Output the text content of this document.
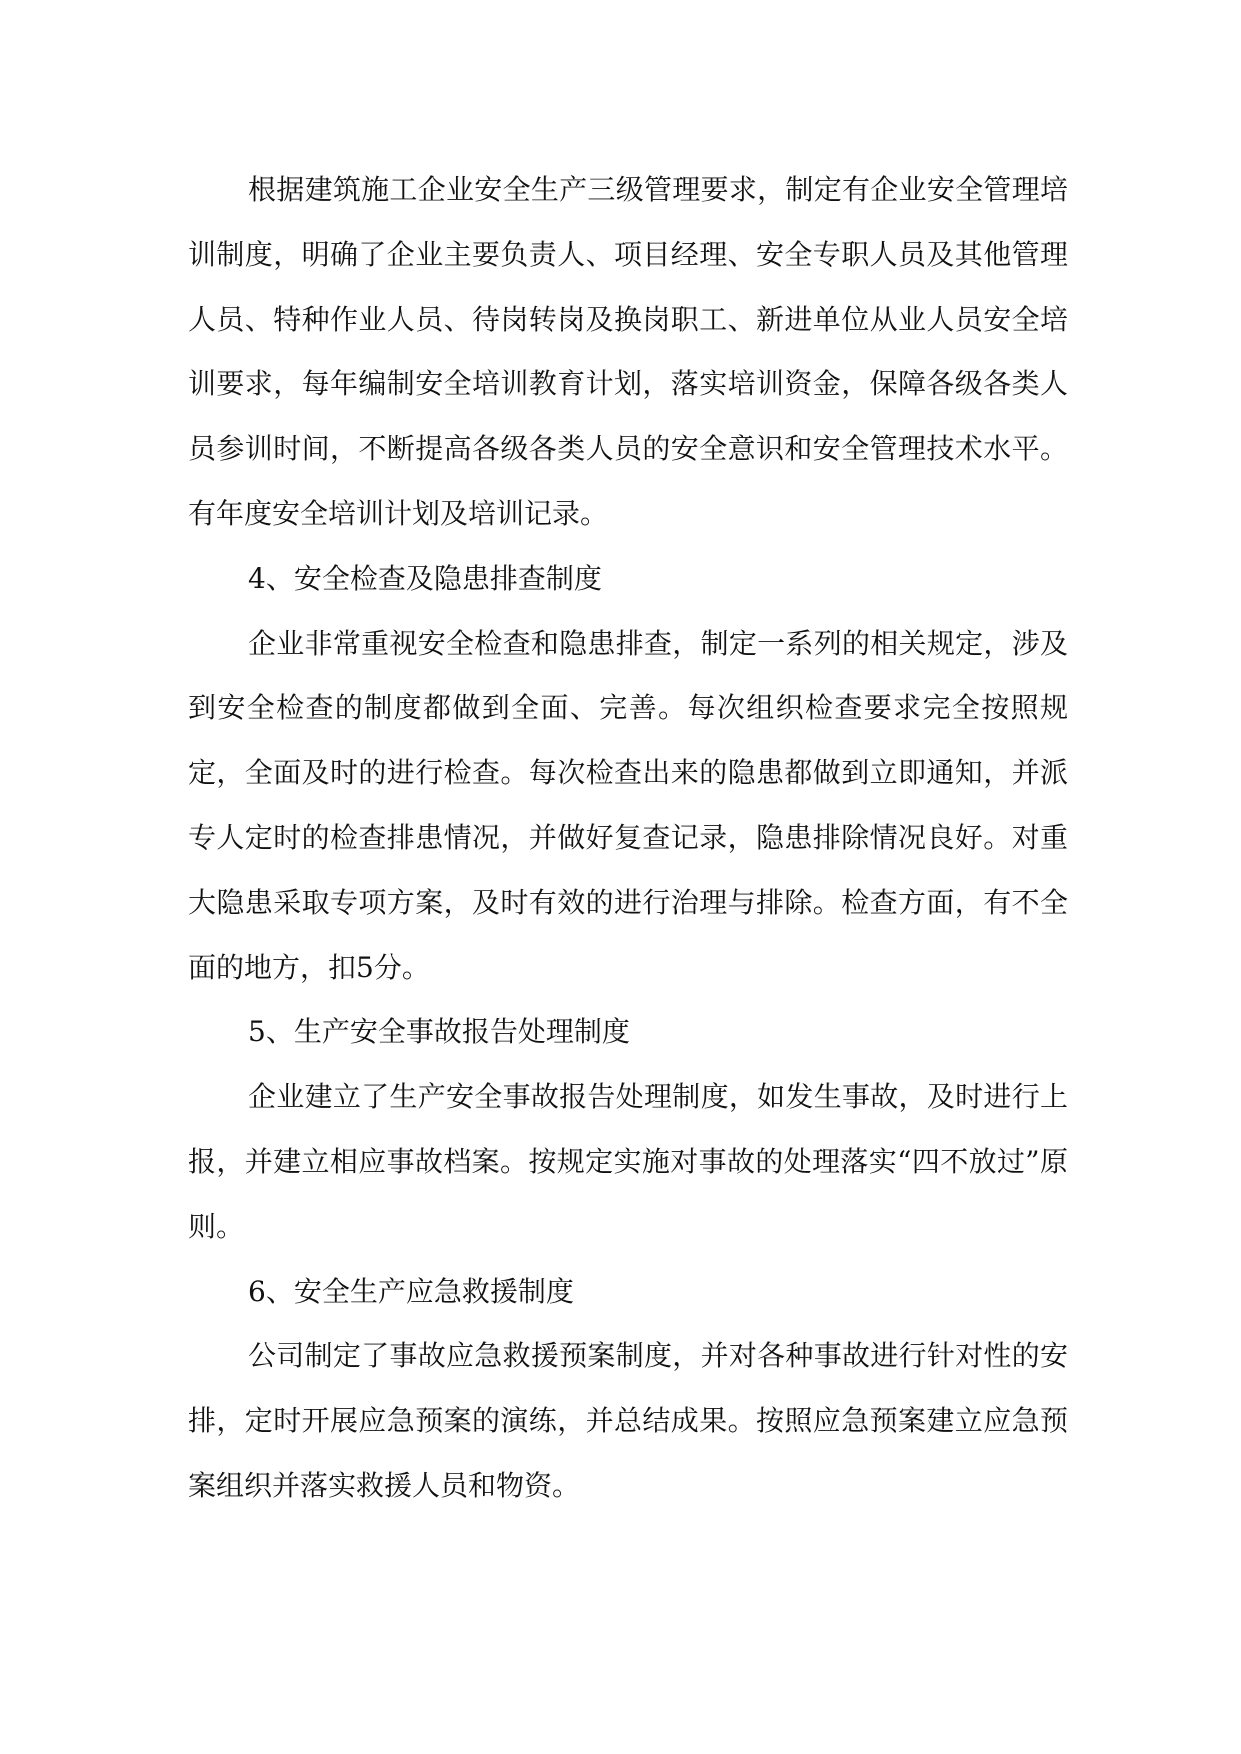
根据建筑施工企业安全生产三级管理要求，制定有企业安全管理培训制度，明确了企业主要负责人、项目经理、安全专职人员及其他管理人员、特种作业人员、待岗转岗及换岗职工、新进单位从业人员安全培训要求，每年编制安全培训教育计划，落实培训资金，保障各级各类人员参训时间，不断提高各级各类人员的安全意识和安全管理技术水平。有年度安全培训计划及培训记录。

4、安全检查及隐患排查制度

企业非常重视安全检查和隐患排查，制定一系列的相关规定，涉及到安全检查的制度都做到全面、完善。每次组织检查要求完全按照规定，全面及时的进行检查。每次检查出来的隐患都做到立即通知，并派专人定时的检查排患情况，并做好复查记录，隐患排除情况良好。对重大隐患采取专项方案，及时有效的进行治理与排除。检查方面，有不全面的地方，扣5分。

5、生产安全事故报告处理制度

企业建立了生产安全事故报告处理制度，如发生事故，及时进行上报，并建立相应事故档案。按规定实施对事故的处理落实“四不放过”原则。

6、安全生产应急救援制度

公司制定了事故应急救援预案制度，并对各种事故进行针对性的安排，定时开展应急预案的演练，并总结成果。按照应急预案建立应急预案组织并落实救援人员和物资。
